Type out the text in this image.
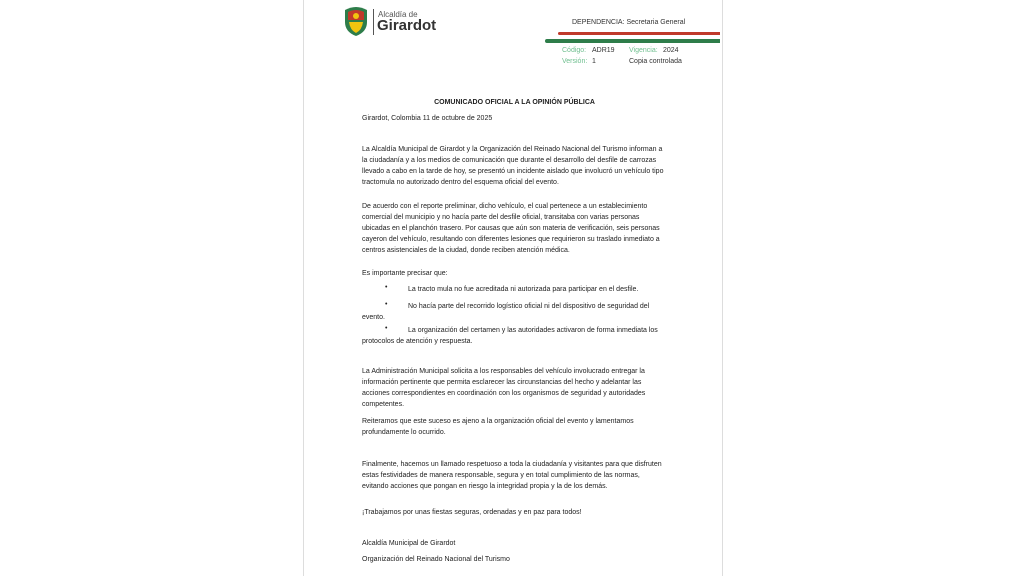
Alcaldía de
Girardot	DEPENDENCIA: Secretaria General
Código: ADR19 Vigencia: 2024
Versión: 1	Copia controlada
COMUNICADO OFICIAL A LA OPINIÓN PÚBLICA
Girardot, Colombia 11 de octubre de 2025
La Alcaldía Municipal de Girardot y la Organización del Reinado Nacional del Turismo informan a la ciudadanía y a los medios de comunicación que durante el desarrollo del desfile de carrozas llevado a cabo en la tarde de hoy, se presentó un incidente aislado que involucró un vehículo tipo tractomula no autorizado dentro del esquema oficial del evento.
De acuerdo con el reporte preliminar, dicho vehículo, el cual pertenece a un establecimiento comercial del municipio y no hacía parte del desfile oficial, transitaba con varias personas ubicadas en el planchón trasero. Por causas que aún son materia de verificación, seis personas cayeron del vehículo, resultando con diferentes lesiones que requirieron su traslado inmediato a centros asistenciales de la ciudad, donde reciben atención médica.
Es importante precisar que:
•	La tracto mula no fue acreditada ni autorizada para participar en el desfile.
•	No hacía parte del recorrido logístico oficial ni del dispositivo de seguridad del evento.
•	La organización del certamen y las autoridades activaron de forma inmediata los protocolos de atención y respuesta.
La Administración Municipal solicita a los responsables del vehículo involucrado entregar la información pertinente que permita esclarecer las circunstancias del hecho y adelantar las acciones correspondientes en coordinación con los organismos de seguridad y autoridades competentes.
Reiteramos que este suceso es ajeno a la organización oficial del evento y lamentamos profundamente lo ocurrido.
Finalmente, hacemos un llamado respetuoso a toda la ciudadanía y visitantes para que disfruten estas festividades de manera responsable, segura y en total cumplimiento de las normas, evitando acciones que pongan en riesgo la integridad propia y la de los demás.
¡Trabajamos por unas fiestas seguras, ordenadas y en paz para todos!
Alcaldía Municipal de Girardot
Organización del Reinado Nacional del Turismo
